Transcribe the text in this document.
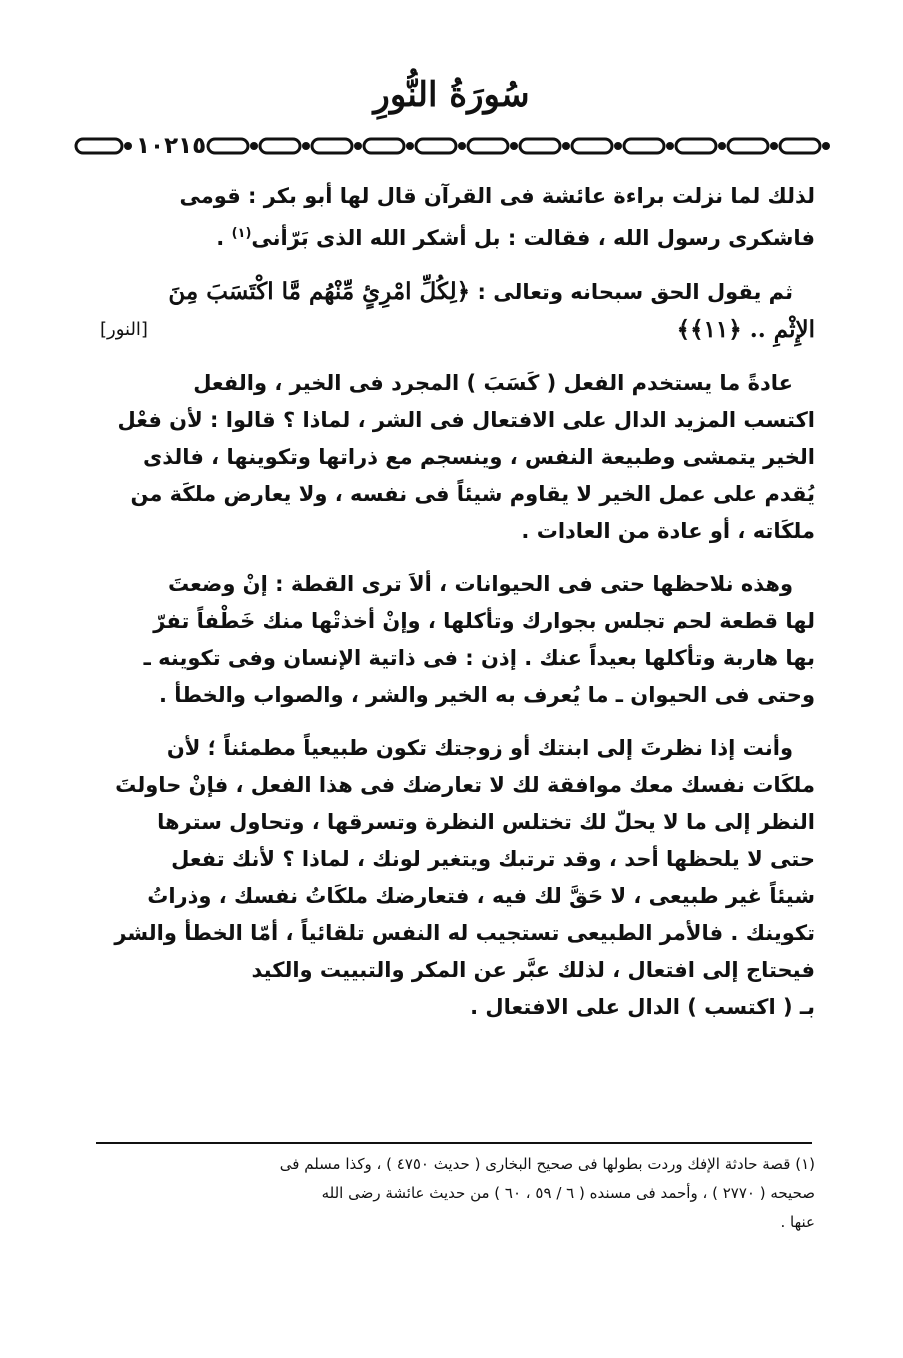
سُورَةُ النُّورِ
١٠٢١٥

لذلك لما نزلت براءة عائشة فى القرآن قال لها أبو بكر : قومى

فاشكرى رسول الله ، فقالت : بل أشكر الله الذى بَرّأنى$^{(١)}$ .

ثم يقول الحق سبحانه وتعالى : ﴿لِكُلِّ امْرِئٍ مِّنْهُم مَّا اكْتَسَبَ مِنَ

الإِثْمِ .. ﴿١١﴾﴾
[النور]

عادةً ما يستخدم الفعل ( كَسَبَ ) المجرد فى الخير ، والفعل

اكتسب المزيد الدال على الافتعال فى الشر ، لماذا ؟ قالوا : لأن فعْل

الخير يتمشى وطبيعة النفس ، وينسجم مع ذراتها وتكوينها ، فالذى

يُقدم على عمل الخير لا يقاوم شيئاً فى نفسه ، ولا يعارض ملكَة من

ملكَاته ، أو عادة من العادات .

وهذه نلاحظها حتى فى الحيوانات ، ألاَ ترى القطة : إنْ وضعتَ

لها قطعة لحم تجلس بجوارك وتأكلها ، وإنْ أخذتْها منك خَطْفاً تفرّ

بها هاربة وتأكلها بعيداً عنك . إذن : فى ذاتية الإنسان وفى تكوينه ـ

وحتى فى الحيوان ـ ما يُعرف به الخير والشر ، والصواب والخطأ .

وأنت إذا نظرتَ إلى ابنتك أو زوجتك تكون طبيعياً مطمئناً ؛ لأن

ملكَات نفسك معك موافقة لك لا تعارضك فى هذا الفعل ، فإنْ حاولتَ

النظر إلى ما لا يحلّ لك تختلس النظرة وتسرقها ، وتحاول سترها

حتى لا يلحظها أحد ، وقد ترتبك ويتغير لونك ، لماذا ؟ لأنك تفعل

شيئاً غير طبيعى ، لا حَقَّ لك فيه ، فتعارضك ملكَاتُ نفسك ، وذراتُ

تكوينك . فالأمر الطبيعى تستجيب له النفس تلقائياً ، أمّا الخطأ والشر

فيحتاج إلى افتعال ، لذلك عبَّر عن المكر والتبييت والكيد

بـ ( اكتسب ) الدال على الافتعال .

(١) قصة حادثة الإفك وردت بطولها فى صحيح البخارى ( حديث ٤٧٥٠ ) ، وكذا مسلم فى
صحيحه ( ٢٧٧٠ ) ، وأحمد فى مسنده ( ٦ / ٥٩ ، ٦٠ ) من حديث عائشة رضى الله
عنها .
